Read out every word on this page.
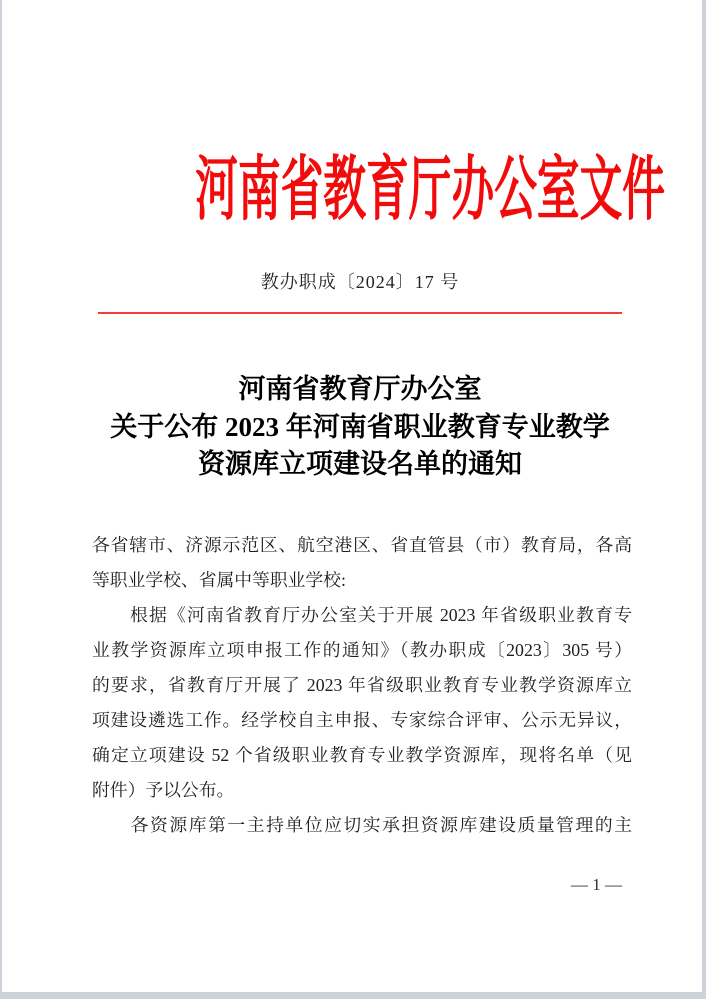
河南省教育厅办公室文件
教办职成〔2024〕17 号
河南省教育厅办公室
关于公布 2023 年河南省职业教育专业教学
资源库立项建设名单的通知

各省辖市、济源示范区、航空港区、省直管县（市）教育局，各高

等职业学校、省属中等职业学校:

　　根据《河南省教育厅办公室关于开展 2023 年省级职业教育专

业教学资源库立项申报工作的通知》（教办职成〔2023〕305 号）

的要求，省教育厅开展了 2023 年省级职业教育专业教学资源库立

项建设遴选工作。经学校自主申报、专家综合评审、公示无异议，

确定立项建设 52 个省级职业教育专业教学资源库，现将名单（见

附件）予以公布。

　　各资源库第一主持单位应切实承担资源库建设质量管理的主

— 1 —
